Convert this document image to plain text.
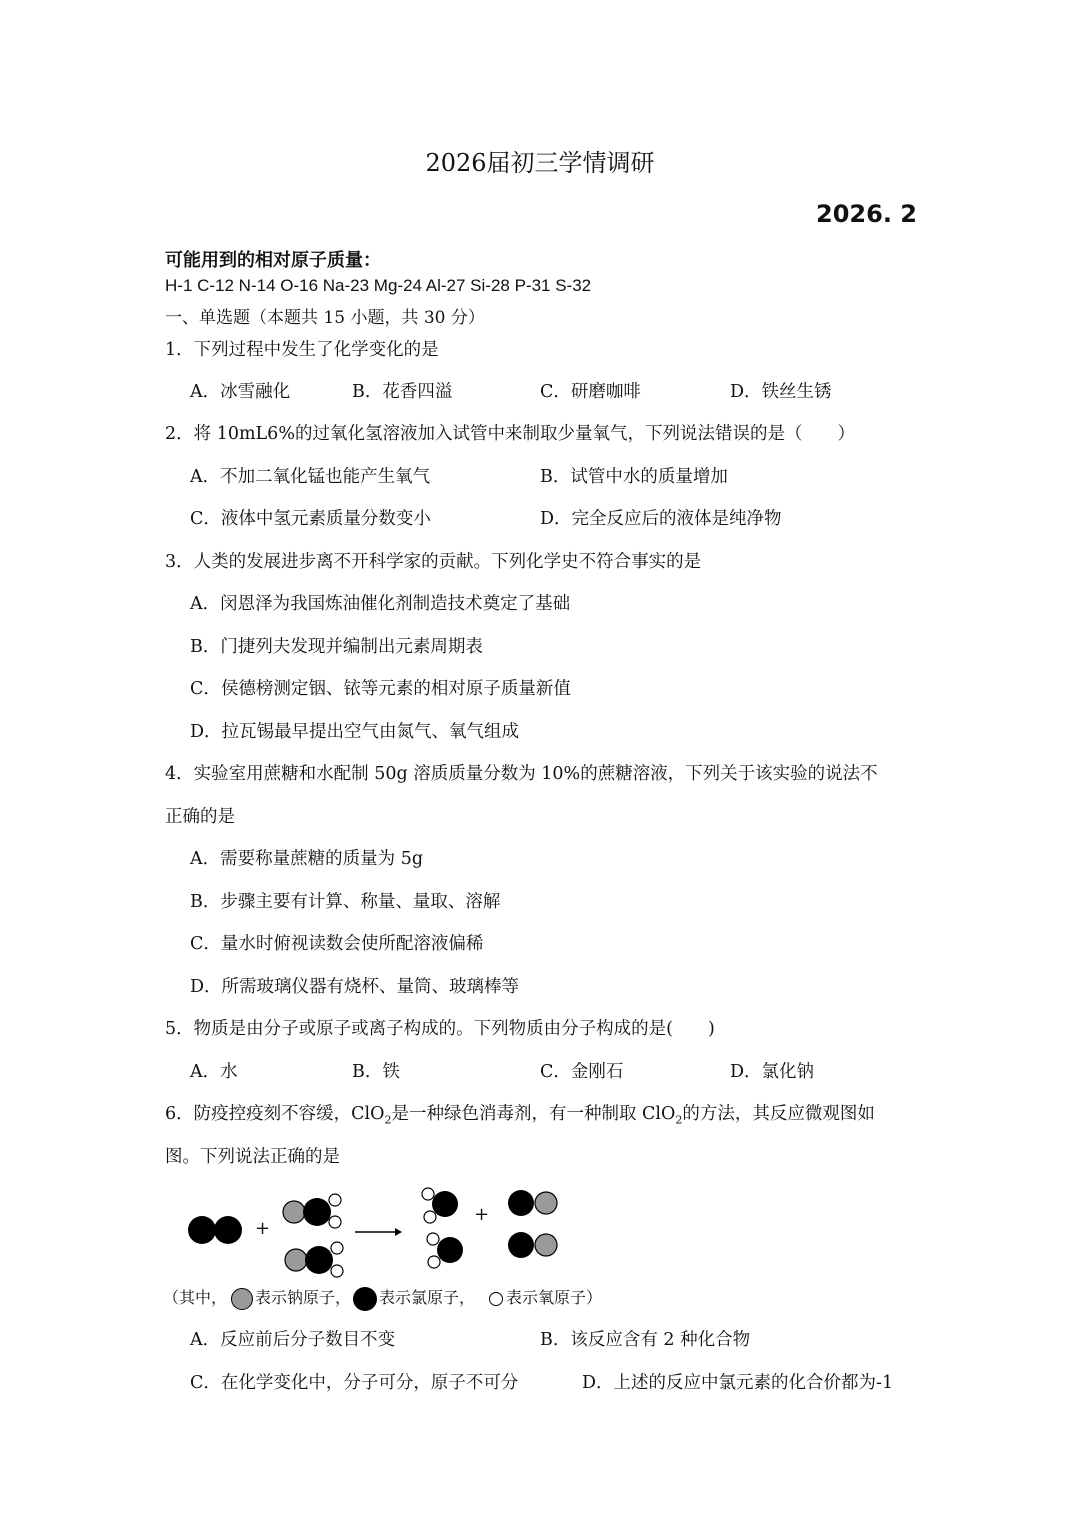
2026届初三学情调研
2026. 2
可能用到的相对原子质量：
H-1 C-12 N-14 O-16 Na-23 Mg-24 Al-27 Si-28 P-31 S-32
一、单选题（本题共 15 小题，共 30 分）
1．下列过程中发生了化学变化的是
A．冰雪融化	B．花香四溢	C．研磨咖啡	D．铁丝生锈
2．将 10mL6%的过氧化氢溶液加入试管中来制取少量氧气，下列说法错误的是（　　）
A．不加二氧化锰也能产生氧气	B．试管中水的质量增加
C．液体中氢元素质量分数变小	D．完全反应后的液体是纯净物
3．人类的发展进步离不开科学家的贡献。下列化学史不符合事实的是
A．闵恩泽为我国炼油催化剂制造技术奠定了基础
B．门捷列夫发现并编制出元素周期表
C．侯德榜测定铟、铱等元素的相对原子质量新值
D．拉瓦锡最早提出空气由氮气、氧气组成
4．实验室用蔗糖和水配制 50g 溶质质量分数为 10%的蔗糖溶液，下列关于该实验的说法不
正确的是
A．需要称量蔗糖的质量为 5g
B．步骤主要有计算、称量、量取、溶解
C．量水时俯视读数会使所配溶液偏稀
D．所需玻璃仪器有烧杯、量筒、玻璃棒等
5．物质是由分子或原子或离子构成的。下列物质由分子构成的是(　　)
A．水	B．铁	C．金刚石	D．氯化钠
6．防疫控疫刻不容缓，ClO$_2$是一种绿色消毒剂，有一种制取 ClO$_2$的方法，其反应微观图如
图。下列说法正确的是
+
+
（其中， 表示钠原子， 表示氯原子， 表示氧原子）
A．反应前后分子数目不变	B．该反应含有 2 种化合物
C．在化学变化中，分子可分，原子不可分	D．上述的反应中氯元素的化合价都为-1
